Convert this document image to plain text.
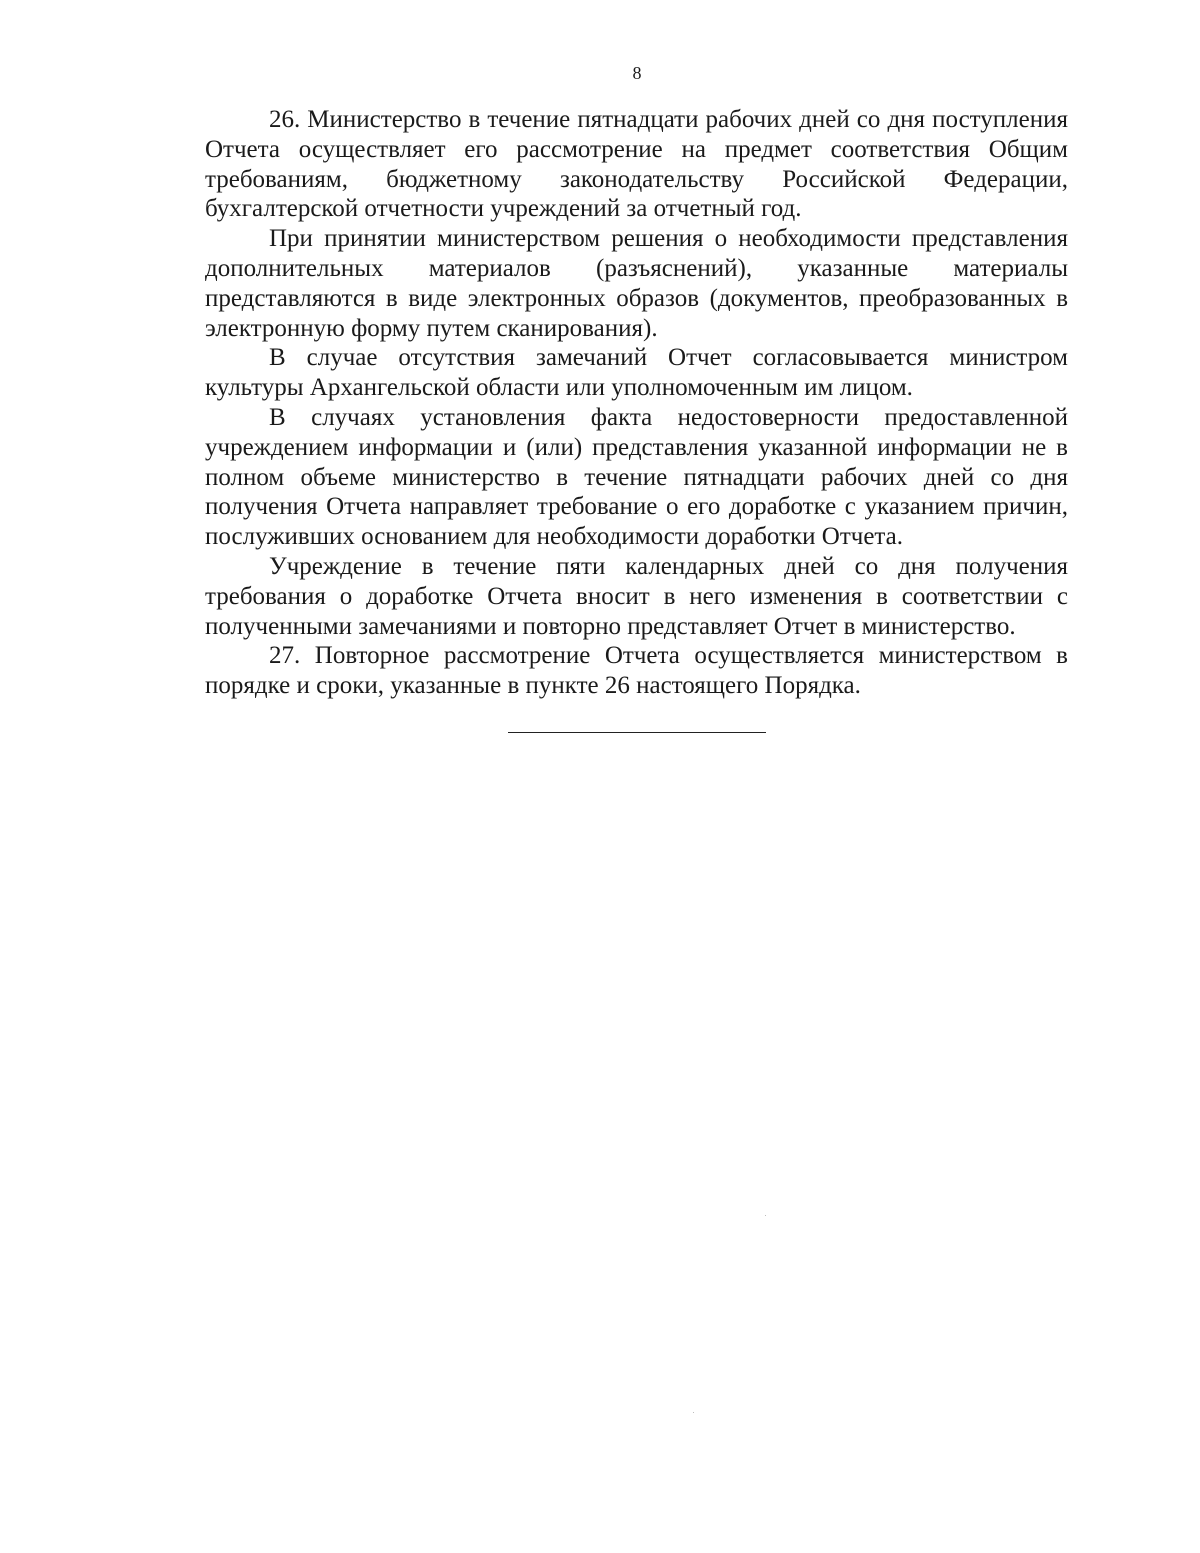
8

26. Министерство в течение пятнадцати рабочих дней со дня поступления Отчета осуществляет его рассмотрение на предмет соответствия Общим требованиям, бюджетному законодательству Российской Федерации, бухгалтерской отчетности учреждений за отчетный год.

При принятии министерством решения о необходимости представления дополнительных материалов (разъяснений), указанные материалы представляются в виде электронных образов (документов, преобразованных в электронную форму путем сканирования).

В случае отсутствия замечаний Отчет согласовывается министром культуры Архангельской области или уполномоченным им лицом.

В случаях установления факта недостоверности предоставленной учреждением информации и (или) представления указанной информации не в полном объеме министерство в течение пятнадцати рабочих дней со дня получения Отчета направляет требование о его доработке с указанием причин, послуживших основанием для необходимости доработки Отчета.

Учреждение в течение пяти календарных дней со дня получения требования о доработке Отчета вносит в него изменения в соответствии с полученными замечаниями и повторно представляет Отчет в министерство.

27. Повторное рассмотрение Отчета осуществляется министерством в порядке и сроки, указанные в пункте 26 настоящего Порядка.
